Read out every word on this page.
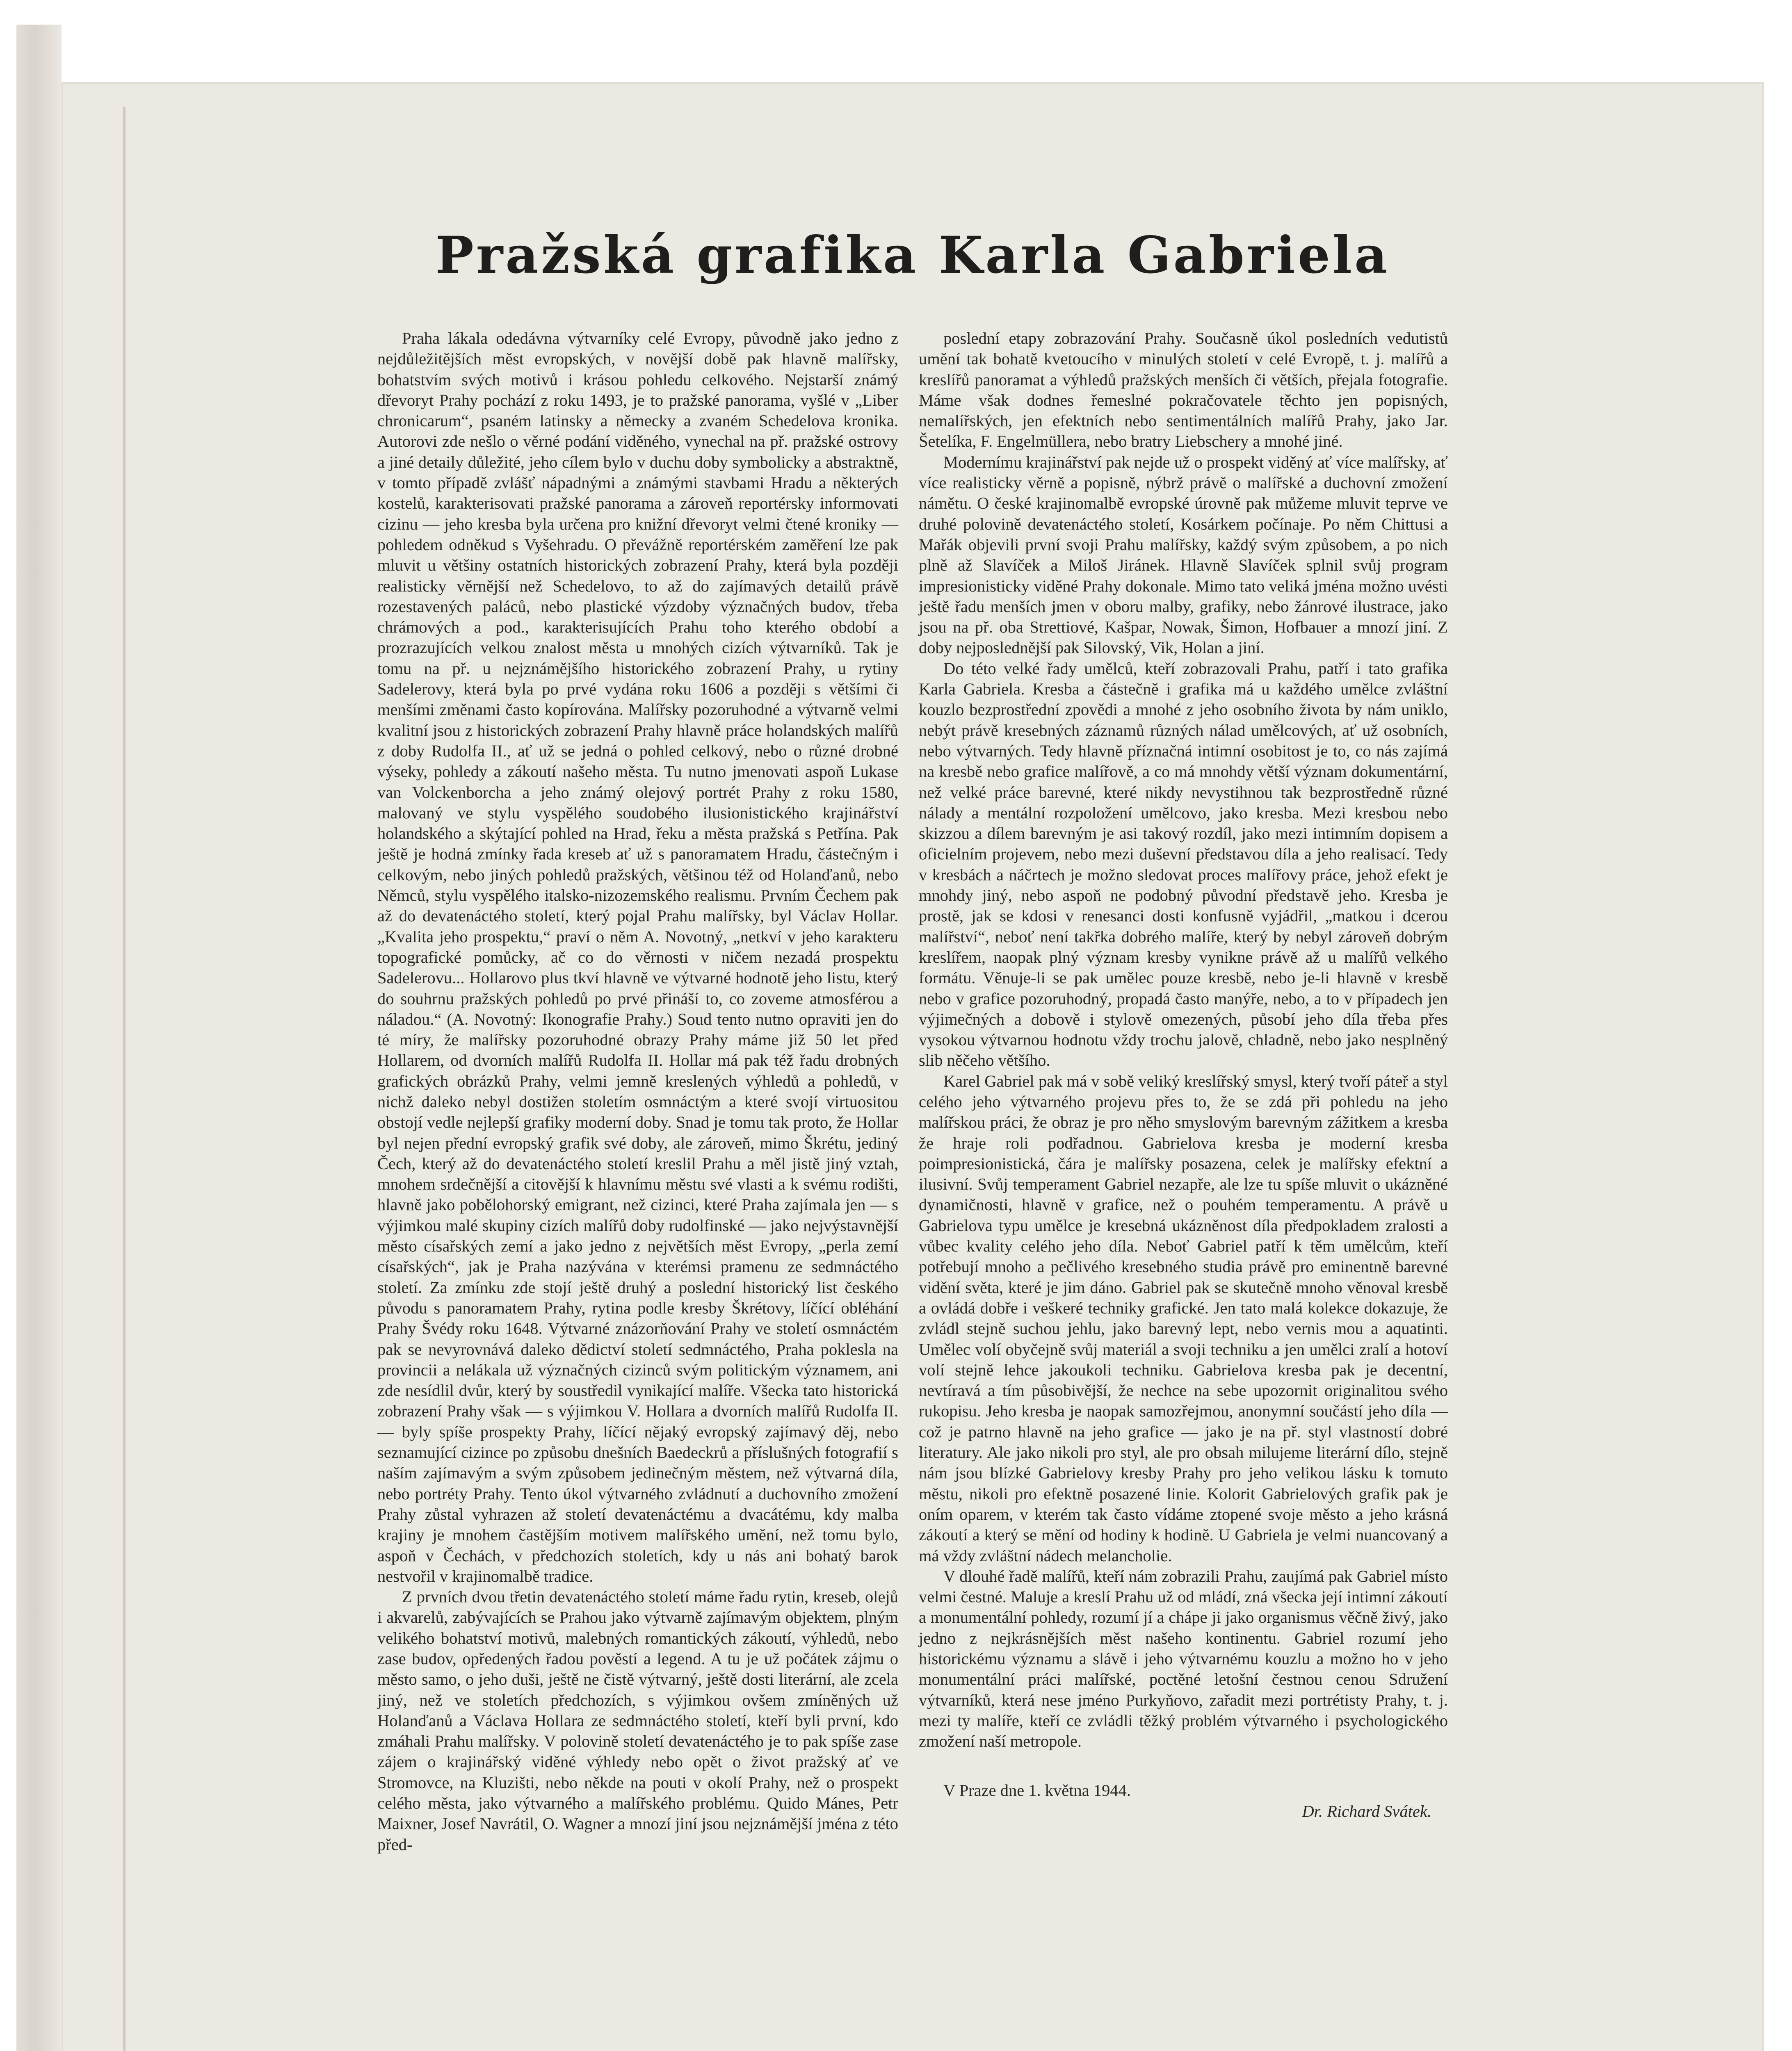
Pražská grafika Karla Gabriela

Praha lákala odedávna výtvarníky celé Evropy, původně jako jedno z nejdůležitějších měst evropských, v novější době pak hlavně malířsky, bohatstvím svých motivů i krásou pohledu celkového. Nejstarší známý dřevoryt Prahy pochází z roku 1493, je to pražské panorama, vyšlé v „Liber chronicarum“, psaném latinsky a německy a zvaném Schedelova kronika. Autorovi zde nešlo o věrné podání viděného, vynechal na př. pražské ostrovy a jiné detaily důležité, jeho cílem bylo v duchu doby symbolicky a abstraktně, v tomto případě zvlášť nápadnými a známými stavbami Hradu a některých kostelů, karakterisovati pražské panorama a zároveň reportérsky informovati cizinu — jeho kresba byla určena pro knižní dřevoryt velmi čtené kroniky — pohledem odněkud s Vyšehradu. O převážně reportérském zaměření lze pak mluvit u většiny ostatních historických zobrazení Prahy, která byla později realisticky věrnější než Schedelovo, to až do zajímavých detailů právě rozestavených paláců, nebo plastické výzdoby význačných budov, třeba chrámových a pod., karakterisujících Prahu toho kterého období a prozrazujících velkou znalost města u mnohých cizích výtvarníků. Tak je tomu na př. u nejznámějšího historického zobrazení Prahy, u rytiny Sadelerovy, která byla po prvé vydána roku 1606 a později s většími či menšími změnami často kopírována. Malířsky pozoruhodné a výtvarně velmi kvalitní jsou z historických zobrazení Prahy hlavně práce holandských malířů z doby Rudolfa II., ať už se jedná o pohled celkový, nebo o různé drobné výseky, pohledy a zákoutí našeho města. Tu nutno jmenovati aspoň Lukase van Volckenborcha a jeho známý olejový portrét Prahy z roku 1580, malovaný ve stylu vyspělého soudobého ilusionistického krajinářství holandského a skýtající pohled na Hrad, řeku a města pražská s Petřína. Pak ještě je hodná zmínky řada kreseb ať už s panoramatem Hradu, částečným i celkovým, nebo jiných pohledů pražských, většinou též od Holanďanů, nebo Němců, stylu vyspělého italsko-nizozemského realismu. Prvním Čechem pak až do devatenáctého století, který pojal Prahu malířsky, byl Václav Hollar. „Kvalita jeho prospektu,“ praví o něm A. Novotný, „netkví v jeho karakteru topografické pomůcky, ač co do věrnosti v ničem nezadá prospektu Sadelerovu... Hollarovo plus tkví hlavně ve výtvarné hodnotě jeho listu, který do souhrnu pražských pohledů po prvé přináší to, co zoveme atmosférou a náladou.“ (A. Novotný: Ikonografie Prahy.) Soud tento nutno opraviti jen do té míry, že malířsky pozoruhodné obrazy Prahy máme již 50 let před Hollarem, od dvorních malířů Rudolfa II. Hollar má pak též řadu drobných grafických obrázků Prahy, velmi jemně kreslených výhledů a pohledů, v nichž daleko nebyl dostižen stoletím osmnáctým a které svojí virtuositou obstojí vedle nejlepší grafiky moderní doby. Snad je tomu tak proto, že Hollar byl nejen přední evropský grafik své doby, ale zároveň, mimo Škrétu, jediný Čech, který až do devatenáctého století kreslil Prahu a měl jistě jiný vztah, mnohem srdečnější a citovější k hlavnímu městu své vlasti a k svému rodišti, hlavně jako pobělohorský emigrant, než cizinci, které Praha zajímala jen — s výjimkou malé skupiny cizích malířů doby rudolfinské — jako nejvýstavnější město císařských zemí a jako jedno z největších měst Evropy, „perla zemí císařských“, jak je Praha nazývána v kterémsi pramenu ze sedmnáctého století. Za zmínku zde stojí ještě druhý a poslední historický list českého původu s panoramatem Prahy, rytina podle kresby Škrétovy, líčící obléhání Prahy Švédy roku 1648. Výtvarné znázorňování Prahy ve století osmnáctém pak se nevyrovnává daleko dědictví století sedmnáctého, Praha poklesla na provincii a nelákala už význačných cizinců svým politickým významem, ani zde nesídlil dvůr, který by soustředil vynikající malíře. Všecka tato historická zobrazení Prahy však — s výjimkou V. Hollara a dvorních malířů Rudolfa II. — byly spíše prospekty Prahy, líčící nějaký evropský zajímavý děj, nebo seznamující cizince po způsobu dnešních Baedeckrů a příslušných fotografií s naším zajímavým a svým způsobem jedinečným městem, než výtvarná díla, nebo portréty Prahy. Tento úkol výtvarného zvládnutí a duchovního zmožení Prahy zůstal vyhrazen až století devatenáctému a dvacátému, kdy malba krajiny je mnohem častějším motivem malířského umění, než tomu bylo, aspoň v Čechách, v předchozích stoletích, kdy u nás ani bohatý barok nestvořil v krajinomalbě tradice.

Z prvních dvou třetin devatenáctého století máme řadu rytin, kreseb, olejů i akvarelů, zabývajících se Prahou jako výtvarně zajímavým objektem, plným velikého bohatství motivů, malebných romantických zákoutí, výhledů, nebo zase budov, opředených řadou pověstí a legend. A tu je už počátek zájmu o město samo, o jeho duši, ještě ne čistě výtvarný, ještě dosti literární, ale zcela jiný, než ve stoletích předchozích, s výjimkou ovšem zmíněných už Holanďanů a Václava Hollara ze sedmnáctého století, kteří byli první, kdo zmáhali Prahu malířsky. V polovině století devatenáctého je to pak spíše zase zájem o krajinářský viděné výhledy nebo opět o život pražský ať ve Stromovce, na Kluzišti, nebo někde na pouti v okolí Prahy, než o prospekt celého města, jako výtvarného a malířského problému. Quido Mánes, Petr Maixner, Josef Navrátil, O. Wagner a mnozí jiní jsou nejznámější jména z této před-

poslední etapy zobrazování Prahy. Současně úkol posledních vedutistů umění tak bohatě kvetoucího v minulých století v celé Evropě, t. j. malířů a kreslířů panoramat a výhledů pražských menších či větších, přejala fotografie. Máme však dodnes řemeslné pokračovatele těchto jen popisných, nemalířských, jen efektních nebo sentimentálních malířů Prahy, jako Jar. Šetelíka, F. Engelmüllera, nebo bratry Liebschery a mnohé jiné.

Modernímu krajinářství pak nejde už o prospekt viděný ať více malířsky, ať více realisticky věrně a popisně, nýbrž právě o malířské a duchovní zmožení námětu. O české krajinomalbě evropské úrovně pak můžeme mluvit teprve ve druhé polovině devatenáctého století, Kosárkem počínaje. Po něm Chittusi a Mařák objevili první svoji Prahu malířsky, každý svým způsobem, a po nich plně až Slavíček a Miloš Jiránek. Hlavně Slavíček splnil svůj program impresionisticky viděné Prahy dokonale. Mimo tato veliká jména možno uvésti ještě řadu menších jmen v oboru malby, grafiky, nebo žánrové ilustrace, jako jsou na př. oba Strettiové, Kašpar, Nowak, Šimon, Hofbauer a mnozí jiní. Z doby nejposlednější pak Silovský, Vik, Holan a jiní.

Do této velké řady umělců, kteří zobrazovali Prahu, patří i tato grafika Karla Gabriela. Kresba a částečně i grafika má u každého umělce zvláštní kouzlo bezprostřední zpovědi a mnohé z jeho osobního života by nám uniklo, nebýt právě kresebných záznamů různých nálad umělcových, ať už osobních, nebo výtvarných. Tedy hlavně příznačná intimní osobitost je to, co nás zajímá na kresbě nebo grafice malířově, a co má mnohdy větší význam dokumentární, než velké práce barevné, které nikdy nevystihnou tak bezprostředně různé nálady a mentální rozpoložení umělcovo, jako kresba. Mezi kresbou nebo skizzou a dílem barevným je asi takový rozdíl, jako mezi intimním dopisem a oficielním projevem, nebo mezi duševní představou díla a jeho realisací. Tedy v kresbách a náčrtech je možno sledovat proces malířovy práce, jehož efekt je mnohdy jiný, nebo aspoň ne podobný původní představě jeho. Kresba je prostě, jak se kdosi v renesanci dosti konfusně vyjádřil, „matkou i dcerou malířství“, neboť není takřka dobrého malíře, který by nebyl zároveň dobrým kreslířem, naopak plný význam kresby vynikne právě až u malířů velkého formátu. Věnuje-li se pak umělec pouze kresbě, nebo je-li hlavně v kresbě nebo v grafice pozoruhodný, propadá často manýře, nebo, a to v případech jen výjimečných a dobově i stylově omezených, působí jeho díla třeba přes vysokou výtvarnou hodnotu vždy trochu jalově, chladně, nebo jako nesplněný slib něčeho většího.

Karel Gabriel pak má v sobě veliký kreslířský smysl, který tvoří páteř a styl celého jeho výtvarného projevu přes to, že se zdá při pohledu na jeho malířskou práci, že obraz je pro něho smyslovým barevným zážitkem a kresba že hraje roli podřadnou. Gabrielova kresba je moderní kresba poimpresionistická, čára je malířsky posazena, celek je malířsky efektní a ilusivní. Svůj temperament Gabriel nezapře, ale lze tu spíše mluvit o ukázněné dynamičnosti, hlavně v grafice, než o pouhém temperamentu. A právě u Gabrielova typu umělce je kresebná ukázněnost díla předpokladem zralosti a vůbec kvality celého jeho díla. Neboť Gabriel patří k těm umělcům, kteří potřebují mnoho a pečlivého kresebného studia právě pro eminentně barevné vidění světa, které je jim dáno. Gabriel pak se skutečně mnoho věnoval kresbě a ovládá dobře i veškeré techniky grafické. Jen tato malá kolekce dokazuje, že zvládl stejně suchou jehlu, jako barevný lept, nebo vernis mou a aquatinti. Umělec volí obyčejně svůj materiál a svoji techniku a jen umělci zralí a hotoví volí stejně lehce jakoukoli techniku. Gabrielova kresba pak je decentní, nevtíravá a tím působivější, že nechce na sebe upozornit originalitou svého rukopisu. Jeho kresba je naopak samozřejmou, anonymní součástí jeho díla — což je patrno hlavně na jeho grafice — jako je na př. styl vlastností dobré literatury. Ale jako nikoli pro styl, ale pro obsah milujeme literární dílo, stejně nám jsou blízké Gabrielovy kresby Prahy pro jeho velikou lásku k tomuto městu, nikoli pro efektně posazené linie. Kolorit Gabrielových grafik pak je oním oparem, v kterém tak často vídáme ztopené svoje město a jeho krásná zákoutí a který se mění od hodiny k hodině. U Gabriela je velmi nuancovaný a má vždy zvláštní nádech melancholie.

V dlouhé řadě malířů, kteří nám zobrazili Prahu, zaujímá pak Gabriel místo velmi čestné. Maluje a kreslí Prahu už od mládí, zná všecka její intimní zákoutí a monumentální pohledy, rozumí jí a chápe ji jako organismus věčně živý, jako jedno z nejkrásnějších měst našeho kontinentu. Gabriel rozumí jeho historickému významu a slávě i jeho výtvarnému kouzlu a možno ho v jeho monumentální práci malířské, poctěné letošní čestnou cenou Sdružení výtvarníků, která nese jméno Purkyňovo, zařadit mezi portrétisty Prahy, t. j. mezi ty malíře, kteří ce zvládli těžký problém výtvarného i psychologického zmožení naší metropole.

V Praze dne 1. května 1944.

Dr. Richard Svátek.
